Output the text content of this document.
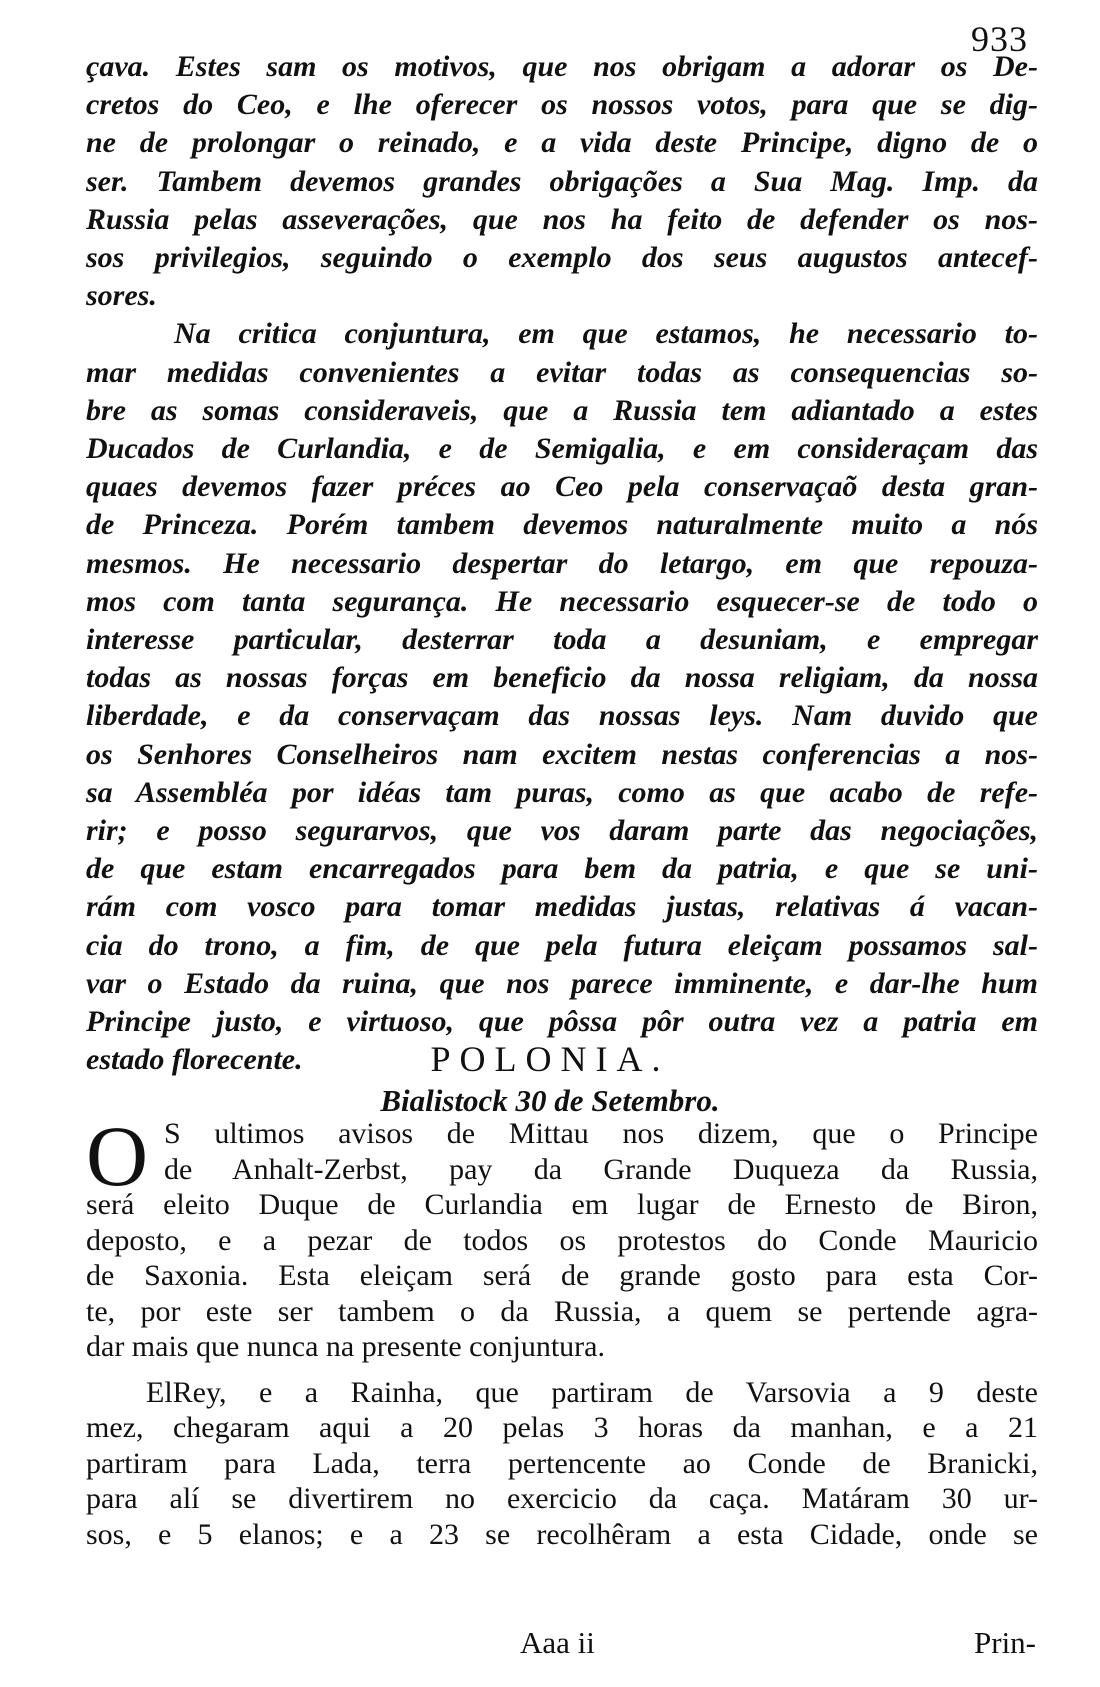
933
çava. Estes sam os motivos, que nos obrigam a adorar os De-
cretos do Ceo, e lhe oferecer os nossos votos, para que se dig-
ne de prolongar o reinado, e a vida deste Principe, digno de o
ser. Tambem devemos grandes obrigações a Sua Mag. Imp. da
Russia pelas asseverações, que nos ha feito de defender os nos-
sos privilegios, seguindo o exemplo dos seus augustos antecef-
sores.
Na critica conjuntura, em que estamos, he necessario to-
mar medidas convenientes a evitar todas as consequencias so-
bre as somas consideraveis, que a Russia tem adiantado a estes
Ducados de Curlandia, e de Semigalia, e em consideraçam das
quaes devemos fazer préces ao Ceo pela conservaçaõ desta gran-
de Princeza. Porém tambem devemos naturalmente muito a nós
mesmos. He necessario despertar do letargo, em que repouza-
mos com tanta segurança. He necessario esquecer-se de todo o
interesse particular, desterrar toda a desuniam, e empregar
todas as nossas forças em beneficio da nossa religiam, da nossa
liberdade, e da conservaçam das nossas leys. Nam duvido que
os Senhores Conselheiros nam excitem nestas conferencias a nos-
sa Assembléa por idéas tam puras, como as que acabo de refe-
rir; e posso segurarvos, que vos daram parte das negociações,
de que estam encarregados para bem da patria, e que se uni-
rám com vosco para tomar medidas justas, relativas á vacan-
cia do trono, a fim, de que pela futura eleiçam possamos sal-
var o Estado da ruina, que nos parece imminente, e dar-lhe hum
Principe justo, e virtuoso, que pôssa pôr outra vez a patria em
estado florecente.	POLONIA.
Bialistock 30 de Setembro.
O S ultimos avisos de Mittau nos dizem, que o Principe
de Anhalt-Zerbst, pay da Grande Duqueza da Russia,
será eleito Duque de Curlandia em lugar de Ernesto de Biron,
deposto, e a pezar de todos os protestos do Conde Mauricio
de Saxonia. Esta eleiçam será de grande gosto para esta Cor-
te, por este ser tambem o da Russia, a quem se pertende agra-
dar mais que nunca na presente conjuntura.
ElRey, e a Rainha, que partiram de Varsovia a 9 deste
mez, chegaram aqui a 20 pelas 3 horas da manhan, e a 21
partiram para Lada, terra pertencente ao Conde de Branicki,
para alí se divertirem no exercicio da caça. Matáram 30 ur-
sos, e 5 elanos; e a 23 se recolhêram a esta Cidade, onde se
Aaa ii	Prin-
